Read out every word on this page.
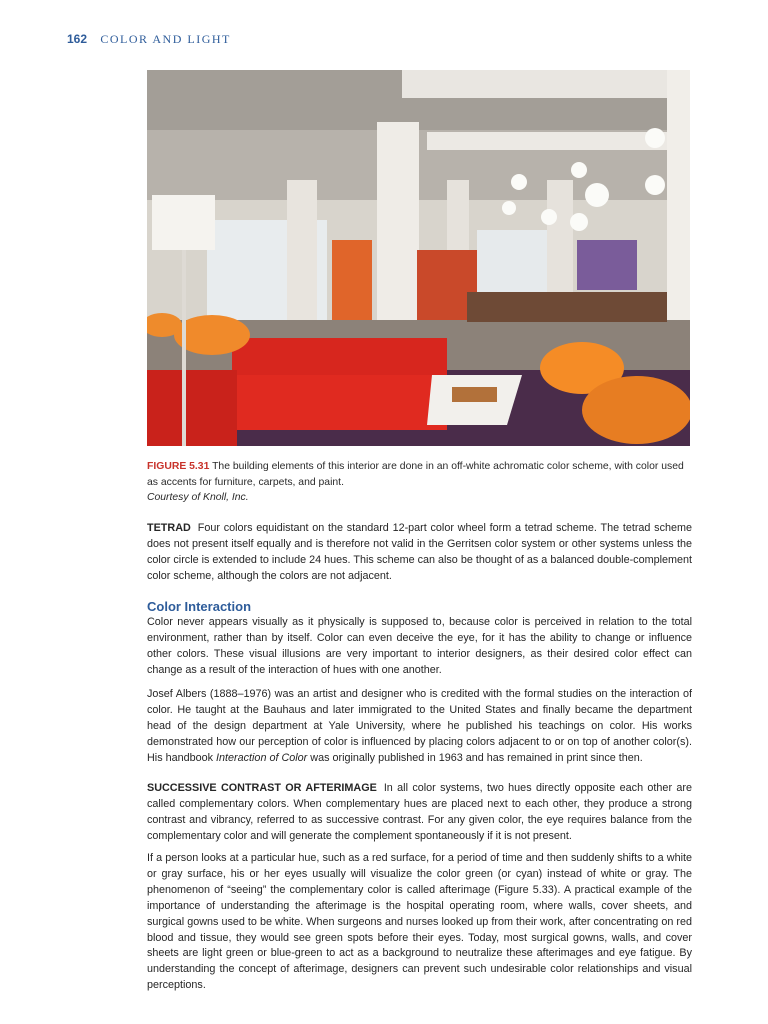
162 COLOR AND LIGHT
FIGURE 5.31 The building elements of this interior are done in an off-white achromatic color scheme, with color used as accents for furniture, carpets, and paint.
Courtesy of Knoll, Inc.

TETRAD Four colors equidistant on the standard 12-part color wheel form a tetrad scheme. The tetrad scheme does not present itself equally and is therefore not valid in the Gerritsen color system or other systems unless the color circle is extended to include 24 hues. This scheme can also be thought of as a balanced double-complement color scheme, although the colors are not adjacent.

Color Interaction

Color never appears visually as it physically is supposed to, because color is perceived in relation to the total environment, rather than by itself. Color can even deceive the eye, for it has the ability to change or influence other colors. These visual illusions are very important to interior designers, as their desired color effect can change as a result of the interaction of hues with one another.

Josef Albers (1888–1976) was an artist and designer who is credited with the formal studies on the interaction of color. He taught at the Bauhaus and later immigrated to the United States and finally became the department head of the design department at Yale University, where he published his teachings on color. His works demonstrated how our perception of color is influenced by placing colors adjacent to or on top of another color(s). His handbook Interaction of Color was originally published in 1963 and has remained in print since then.

SUCCESSIVE CONTRAST OR AFTERIMAGE In all color systems, two hues directly opposite each other are called complementary colors. When complementary hues are placed next to each other, they produce a strong contrast and vibrancy, referred to as successive contrast. For any given color, the eye requires balance from the complementary color and will generate the complement spontaneously if it is not present.

If a person looks at a particular hue, such as a red surface, for a period of time and then suddenly shifts to a white or gray surface, his or her eyes usually will visualize the color green (or cyan) instead of white or gray. The phenomenon of “seeing” the complementary color is called afterimage (Figure 5.33). A practical example of the importance of understanding the afterimage is the hospital operating room, where walls, cover sheets, and surgical gowns used to be white. When surgeons and nurses looked up from their work, after concentrating on red blood and tissue, they would see green spots before their eyes. Today, most surgical gowns, walls, and cover sheets are light green or blue-green to act as a background to neutralize these afterimages and eye fatigue. By understanding the concept of afterimage, designers can prevent such undesirable color relationships and visual perceptions.
